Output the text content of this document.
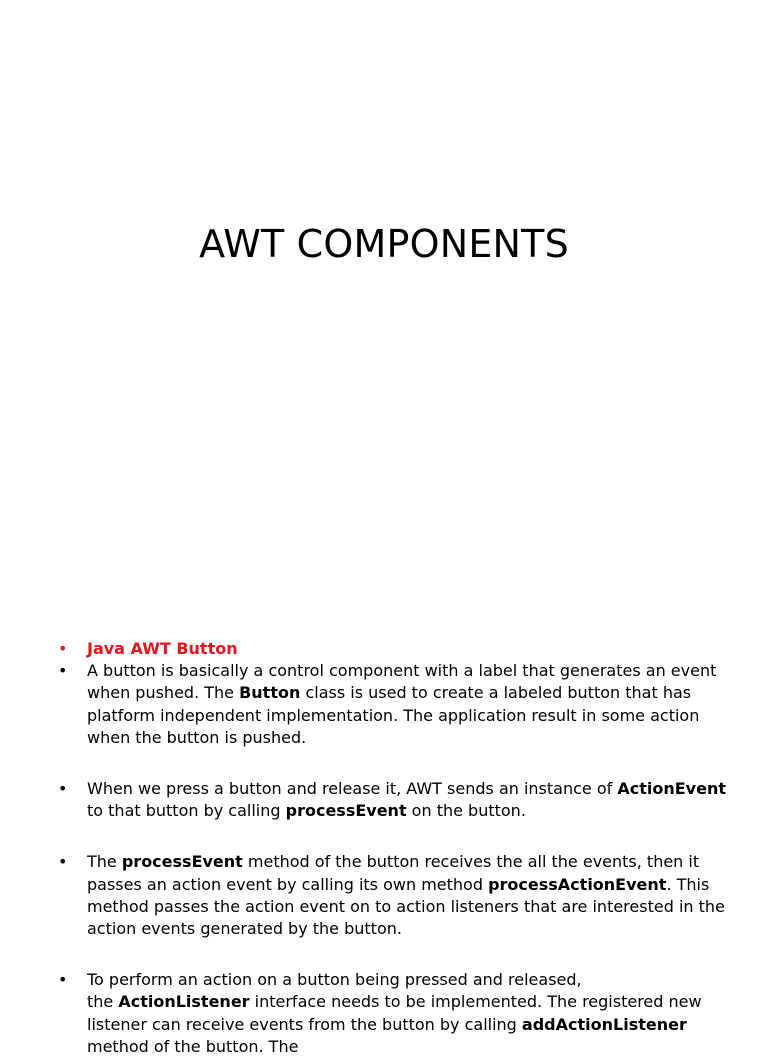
AWT COMPONENTS
• Java AWT Button
• A button is basically a control component with a label that generates an event when pushed. The Button class is used to create a labeled button that has platform independent implementation. The application result in some action when the button is pushed.
• When we press a button and release it, AWT sends an instance of ActionEvent to that button by calling processEvent on the button.
• The processEvent method of the button receives the all the events, then it passes an action event by calling its own method processActionEvent. This method passes the action event on to action listeners that are interested in the action events generated by the button.
• To perform an action on a button being pressed and released,
the ActionListener interface needs to be implemented. The registered new listener can receive events from the button by calling addActionListener method of the button. The
